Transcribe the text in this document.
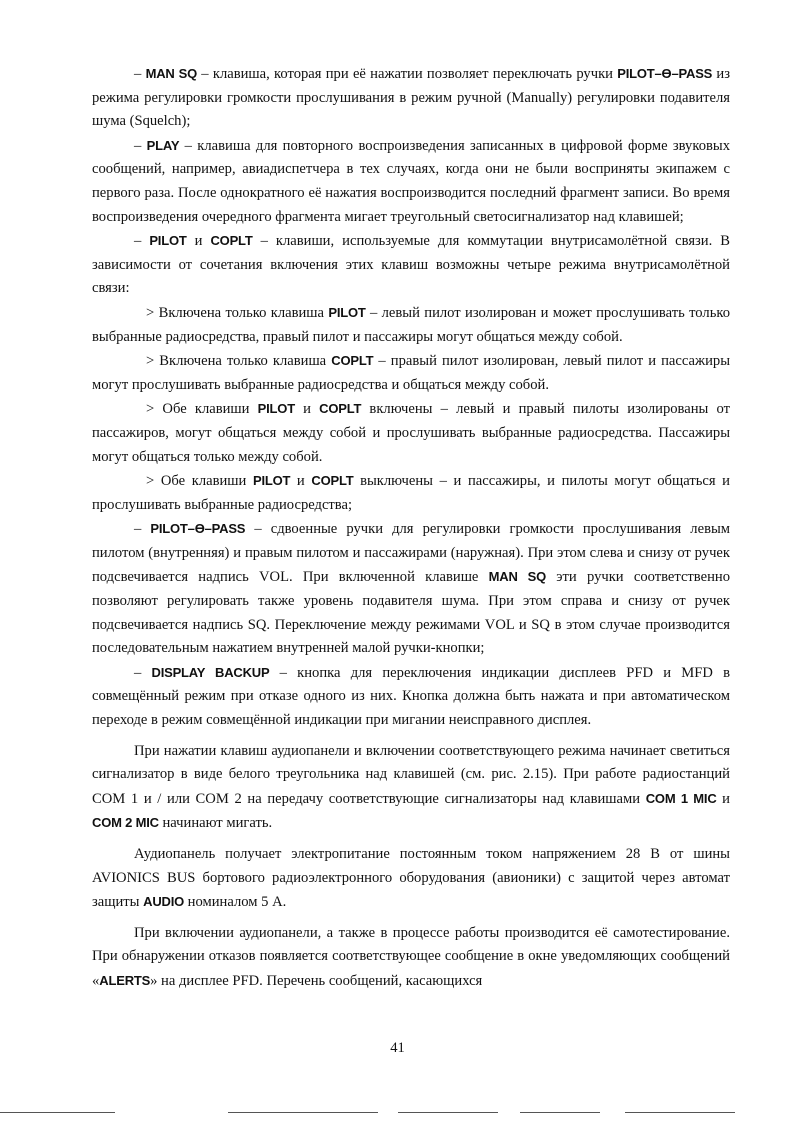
– MAN SQ – клавиша, которая при её нажатии позволяет переключать ручки PILOT–ϴ–PASS из режима регулировки громкости прослушивания в режим ручной (Manually) регулировки подавителя шума (Squelch);

– PLAY – клавиша для повторного воспроизведения записанных в цифровой форме звуковых сообщений, например, авиадиспетчера в тех случаях, когда они не были восприняты экипажем с первого раза. После однократного её нажатия воспроизводится последний фрагмент записи. Во время воспроизведения очередного фрагмента мигает треугольный светосигнализатор над клавишей;

– PILOT и COPLT – клавиши, используемые для коммутации внутрисамолётной связи. В зависимости от сочетания включения этих клавиш возможны четыре режима внутрисамолётной связи:

> Включена только клавиша PILOT – левый пилот изолирован и может прослушивать только выбранные радиосредства, правый пилот и пассажиры могут общаться между собой.

> Включена только клавиша COPLT – правый пилот изолирован, левый пилот и пассажиры могут прослушивать выбранные радиосредства и общаться между собой.

> Обе клавиши PILOT и COPLT включены – левый и правый пилоты изолированы от пассажиров, могут общаться между собой и прослушивать выбранные радиосредства. Пассажиры могут общаться только между собой.

> Обе клавиши PILOT и COPLT выключены – и пассажиры, и пилоты могут общаться и прослушивать выбранные радиосредства;

– PILOT–ϴ–PASS – сдвоенные ручки для регулировки громкости прослушивания левым пилотом (внутренняя) и правым пилотом и пассажирами (наружная). При этом слева и снизу от ручек подсвечивается надпись VOL. При включенной клавише MAN SQ эти ручки соответственно позволяют регулировать также уровень подавителя шума. При этом справа и снизу от ручек подсвечивается надпись SQ. Переключение между режимами VOL и SQ в этом случае производится последовательным нажатием внутренней малой ручки-кнопки;

– DISPLAY BACKUP – кнопка для переключения индикации дисплеев PFD и MFD в совмещённый режим при отказе одного из них. Кнопка должна быть нажата и при автоматическом переходе в режим совмещённой индикации при мигании неисправного дисплея.

При нажатии клавиш аудиопанели и включении соответствующего режима начинает светиться сигнализатор в виде белого треугольника над клавишей (см. рис. 2.15). При работе радиостанций COM 1 и / или COM 2 на передачу соответствующие сигнализаторы над клавишами COM 1 MIC и COM 2 MIC начинают мигать.

Аудиопанель получает электропитание постоянным током напряжением 28 В от шины AVIONICS BUS бортового радиоэлектронного оборудования (авионики) с защитой через автомат защиты AUDIO номиналом 5 А.

При включении аудиопанели, а также в процессе работы производится её самотестирование. При обнаружении отказов появляется соответствующее сообщение в окне уведомляющих сообщений «ALERTS» на дисплее PFD. Перечень сообщений, касающихся

41
